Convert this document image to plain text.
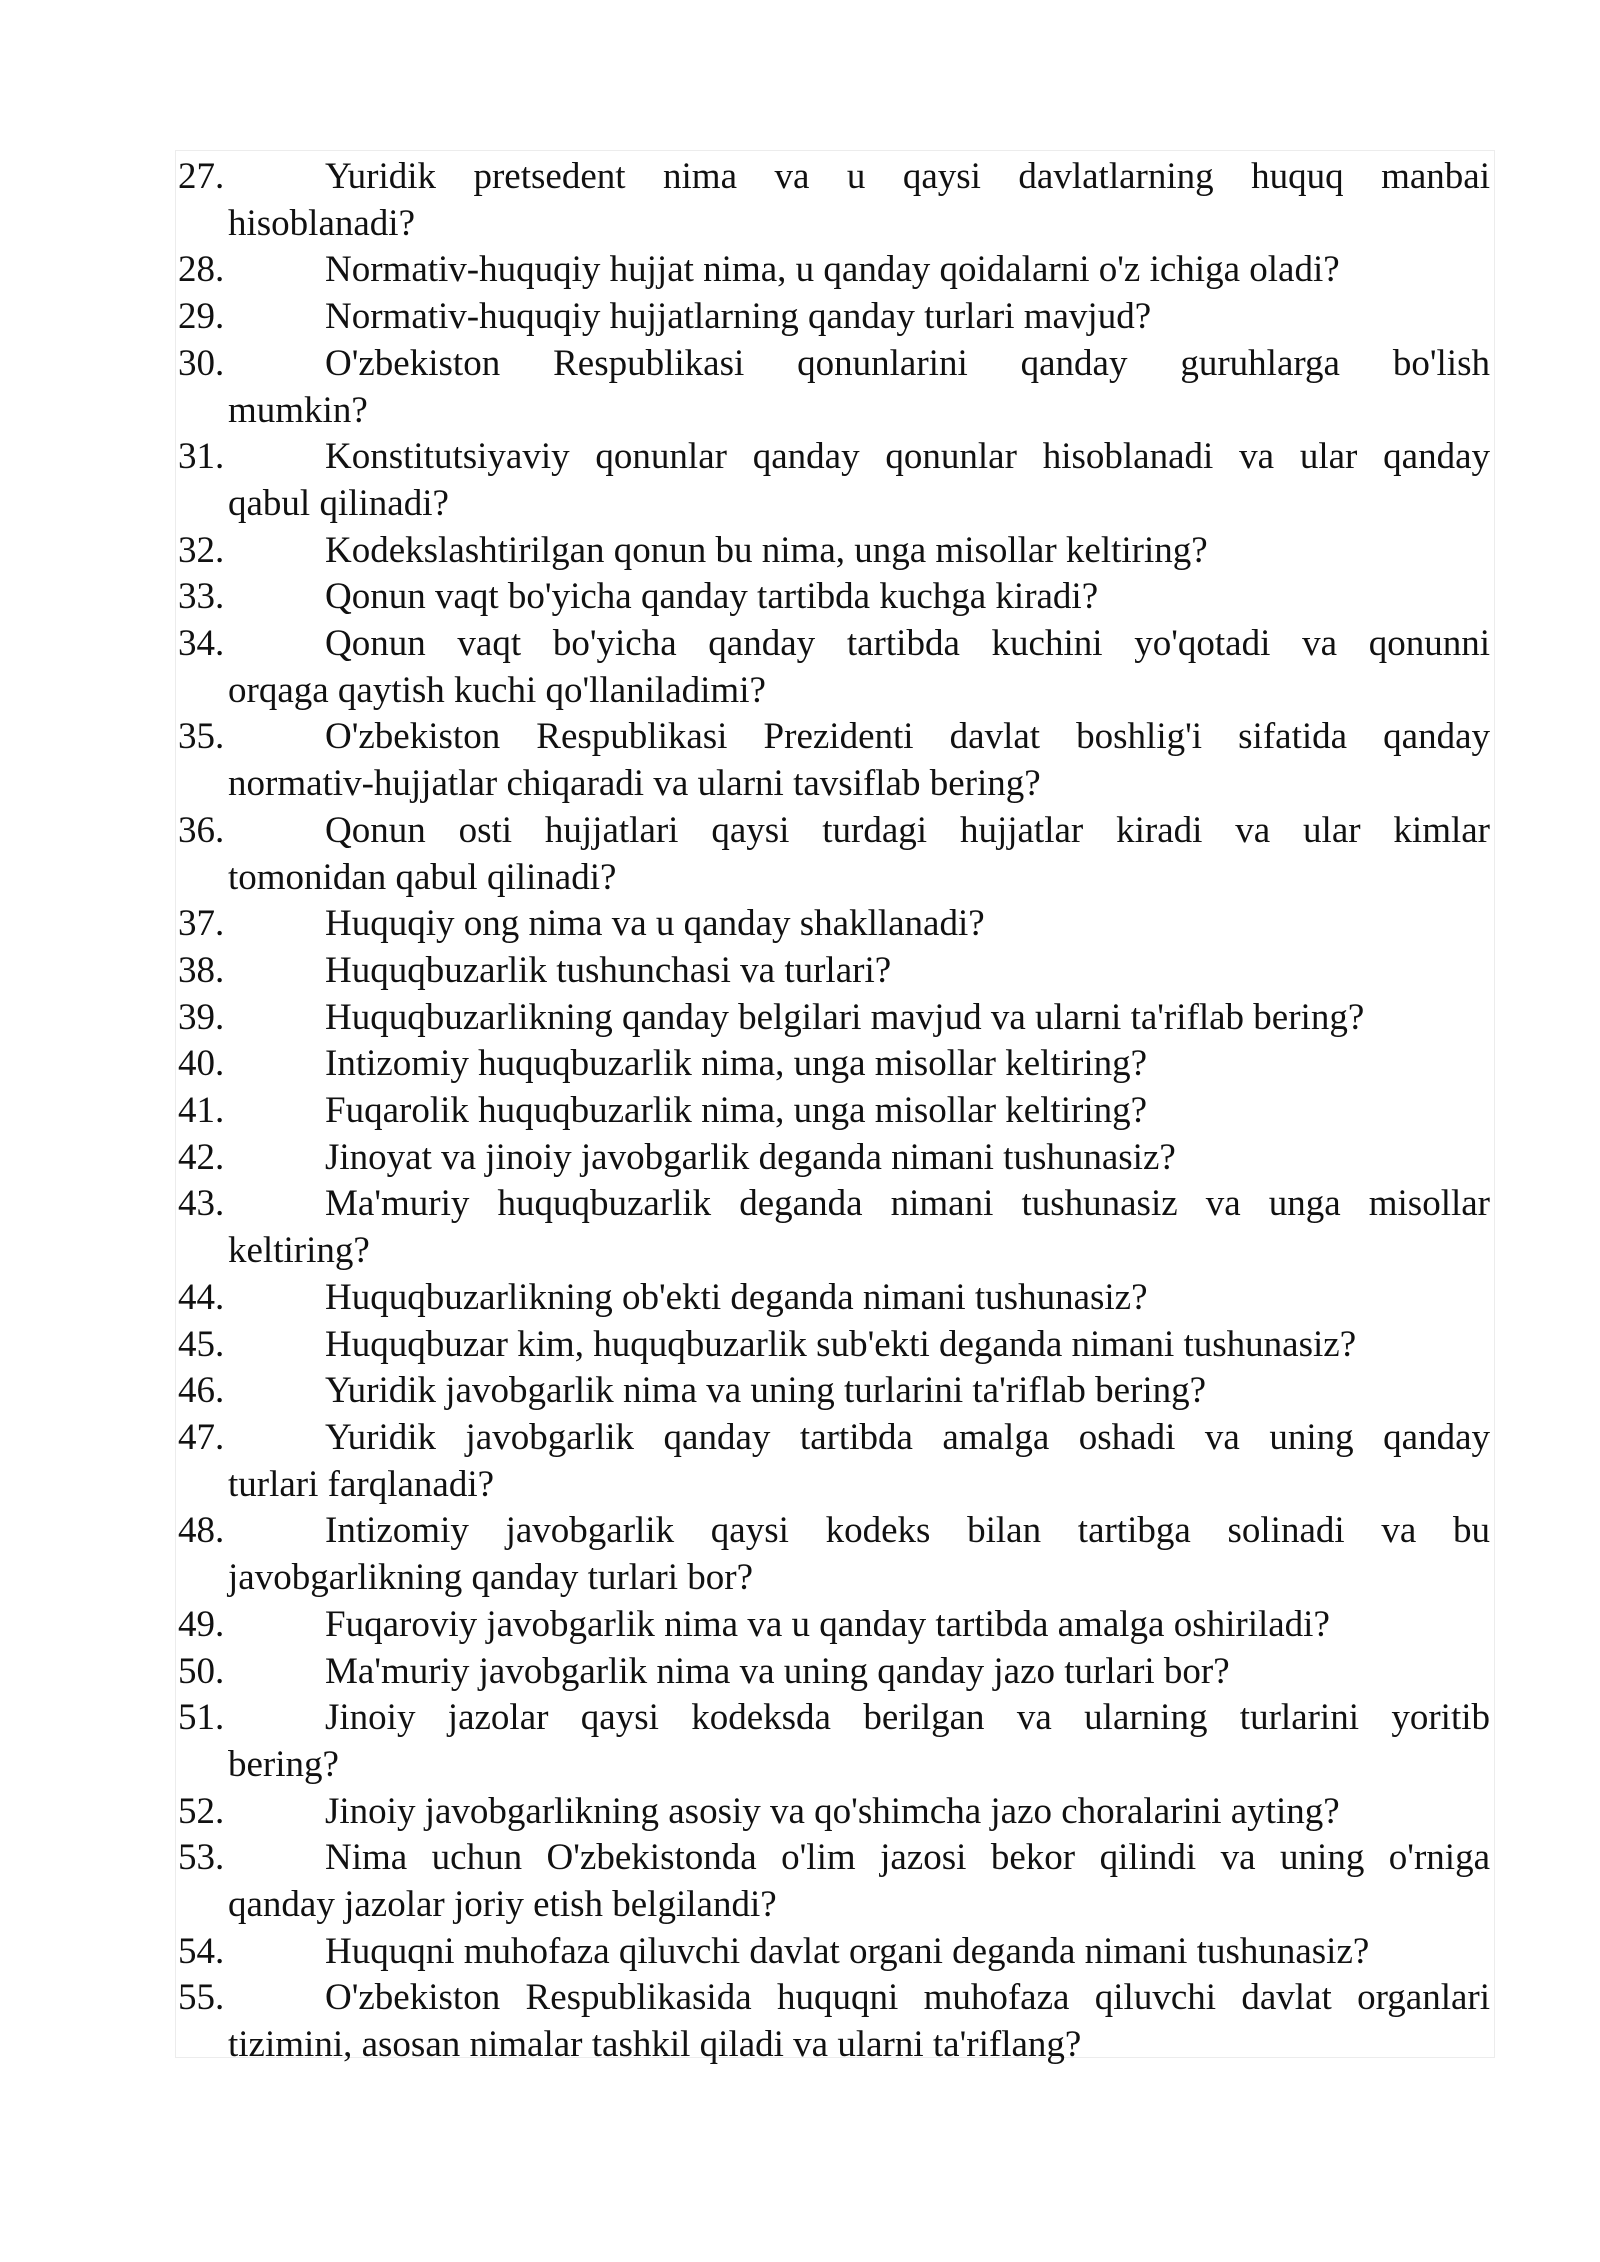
27.	Yuridik pretsedent nima va u qaysi davlatlarning huquq manbai
hisoblanadi?
28.	Normativ-huquqiy hujjat nima, u qanday qoidalarni o'z ichiga oladi?
29.	Normativ-huquqiy hujjatlarning qanday turlari mavjud?
30.	O'zbekiston Respublikasi qonunlarini qanday guruhlarga bo'lish
mumkin?
31.	Konstitutsiyaviy qonunlar qanday qonunlar hisoblanadi va ular qanday
qabul qilinadi?
32.	Kodekslashtirilgan qonun bu nima, unga misollar keltiring?
33.	Qonun vaqt bo'yicha qanday tartibda kuchga kiradi?
34.	Qonun vaqt bo'yicha qanday tartibda kuchini yo'qotadi va qonunni
orqaga qaytish kuchi qo'llaniladimi?
35.	O'zbekiston Respublikasi Prezidenti davlat boshlig'i sifatida qanday
normativ-hujjatlar chiqaradi va ularni tavsiflab bering?
36.	Qonun osti hujjatlari qaysi turdagi hujjatlar kiradi va ular kimlar
tomonidan qabul qilinadi?
37.	Huquqiy ong nima va u qanday shakllanadi?
38.	Huquqbuzarlik tushunchasi va turlari?
39.	Huquqbuzarlikning qanday belgilari mavjud va ularni ta'riflab bering?
40.	Intizomiy huquqbuzarlik nima, unga misollar keltiring?
41.	Fuqarolik huquqbuzarlik nima, unga misollar keltiring?
42.	Jinoyat va jinoiy javobgarlik deganda nimani tushunasiz?
43.	Ma'muriy huquqbuzarlik deganda nimani tushunasiz va unga misollar
keltiring?
44.	Huquqbuzarlikning ob'ekti deganda nimani tushunasiz?
45.	Huquqbuzar kim, huquqbuzarlik sub'ekti deganda nimani tushunasiz?
46.	Yuridik javobgarlik nima va uning turlarini ta'riflab bering?
47.	Yuridik javobgarlik qanday tartibda amalga oshadi va uning qanday
turlari farqlanadi?
48.	Intizomiy javobgarlik qaysi kodeks bilan tartibga solinadi va bu
javobgarlikning qanday turlari bor?
49.	Fuqaroviy javobgarlik nima va u qanday tartibda amalga oshiriladi?
50.	Ma'muriy javobgarlik nima va uning qanday jazo turlari bor?
51.	Jinoiy jazolar qaysi kodeksda berilgan va ularning turlarini yoritib
bering?
52.	Jinoiy javobgarlikning asosiy va qo'shimcha jazo choralarini ayting?
53.	Nima uchun O'zbekistonda o'lim jazosi bekor qilindi va uning o'rniga
qanday jazolar joriy etish belgilandi?
54.	Huquqni muhofaza qiluvchi davlat organi deganda nimani tushunasiz?
55.	O'zbekiston Respublikasida huquqni muhofaza qiluvchi davlat organlari
tizimini, asosan nimalar tashkil qiladi va ularni ta'riflang?
